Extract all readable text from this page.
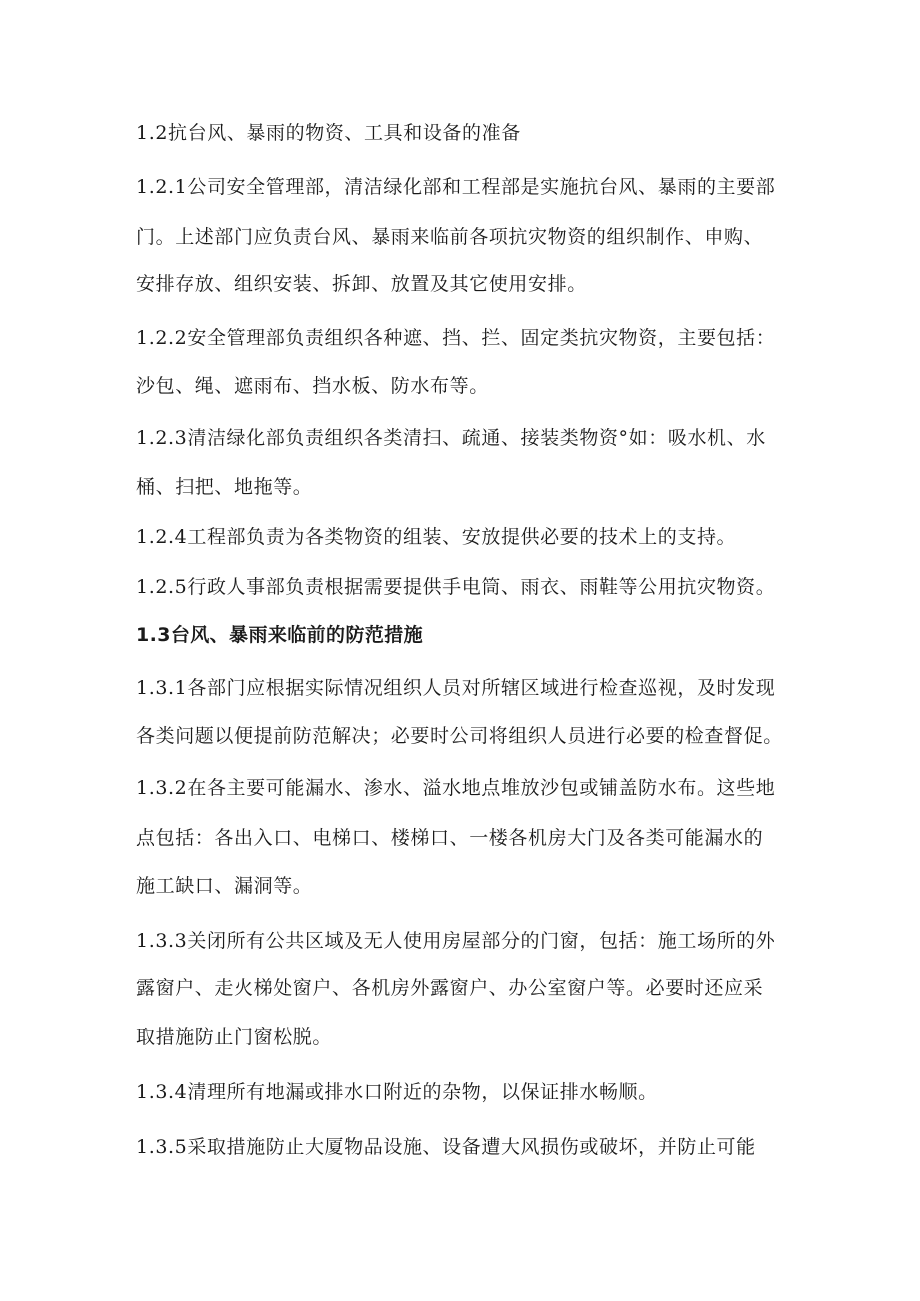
1.2抗台风、暴雨的物资、工具和设备的准备
1.2.1公司安全管理部，清洁绿化部和工程部是实施抗台风、暴雨的主要部
门。上述部门应负责台风、暴雨来临前各项抗灾物资的组织制作、申购、
安排存放、组织安装、拆卸、放置及其它使用安排。
1.2.2安全管理部负责组织各种遮、挡、拦、固定类抗灾物资，主要包括：
沙包、绳、遮雨布、挡水板、防水布等。
1.2.3清洁绿化部负责组织各类清扫、疏通、接装类物资°如：吸水机、水
桶、扫把、地拖等。
1.2.4工程部负责为各类物资的组装、安放提供必要的技术上的支持。
1.2.5行政人事部负责根据需要提供手电筒、雨衣、雨鞋等公用抗灾物资。
1.3台风、暴雨来临前的防范措施
1.3.1各部门应根据实际情况组织人员对所辖区域进行检查巡视，及时发现
各类问题以便提前防范解决；必要时公司将组织人员进行必要的检查督促。
1.3.2在各主要可能漏水、渗水、溢水地点堆放沙包或铺盖防水布。这些地
点包括：各出入口、电梯口、楼梯口、一楼各机房大门及各类可能漏水的
施工缺口、漏洞等。
1.3.3关闭所有公共区域及无人使用房屋部分的门窗，包括：施工场所的外
露窗户、走火梯处窗户、各机房外露窗户、办公室窗户等。必要时还应采
取措施防止门窗松脱。
1.3.4清理所有地漏或排水口附近的杂物，以保证排水畅顺。
1.3.5采取措施防止大厦物品设施、设备遭大风损伤或破坏，并防止可能
